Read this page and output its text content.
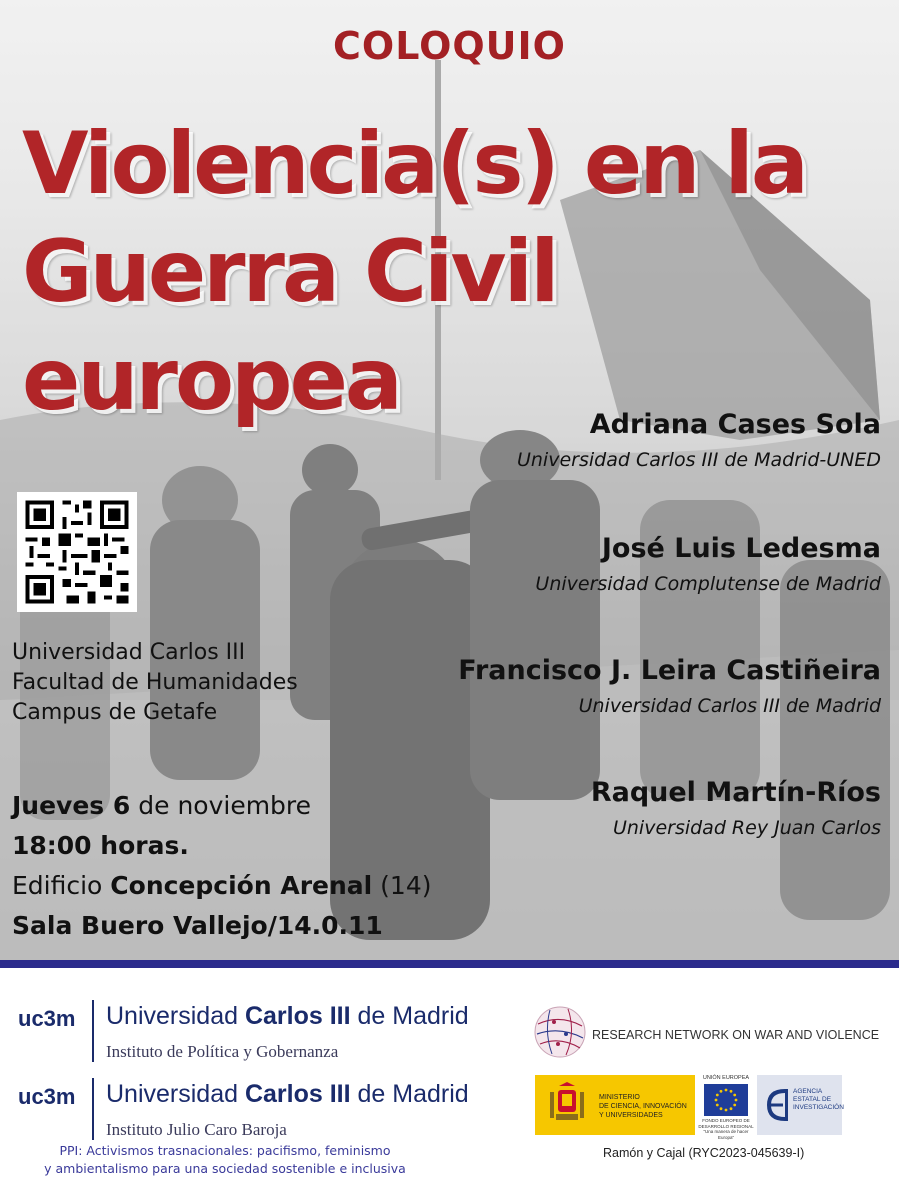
COLOQUIO
Violencia(s) en la
Guerra Civil
europea
Universidad Carlos III
Facultad de Humanidades
Campus de Getafe
Jueves 6 de noviembre
18:00 horas.
Edificio Concepción Arenal (14)
Sala Buero Vallejo/14.0.11
Adriana Cases Sola
Universidad Carlos III de Madrid-UNED
José Luis Ledesma
Universidad Complutense de Madrid
Francisco J. Leira Castiñeira
Universidad Carlos III de Madrid
Raquel Martín-Ríos
Universidad Rey Juan Carlos
uc3m Universidad Carlos III de Madrid
Instituto de Política y Gobernanza
uc3m Universidad Carlos III de Madrid
Instituto Julio Caro Baroja
PPI: Activismos trasnacionales: pacifismo, feminismo
y ambientalismo para una sociedad sostenible e inclusiva
RESEARCH NETWORK ON WAR AND VIOLENCE
MINISTERIO
DE CIENCIA, INNOVACIÓN
Y UNIVERSIDADES
UNIÓN EUROPEA
FONDO EUROPEO DE
DESARROLLO REGIONAL
"Una manera de hacer Europa"
AGENCIA
ESTATAL DE
INVESTIGACIÓN
Ramón y Cajal (RYC2023-045639-I)
